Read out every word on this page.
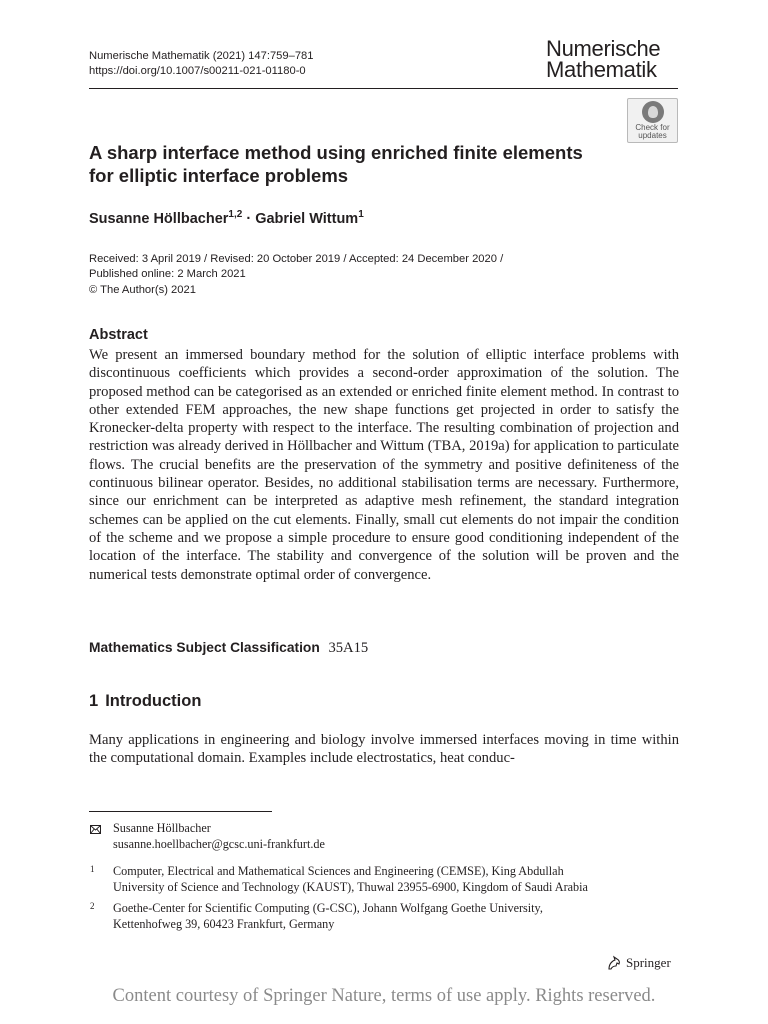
Numerische Mathematik (2021) 147:759–781
https://doi.org/10.1007/s00211-021-01180-0
Numerische
Mathematik
Check for
updates
A sharp interface method using enriched finite elements
for elliptic interface problems
Susanne Höllbacher$^{1,2}$ · Gabriel Wittum$^1$
Received: 3 April 2019 / Revised: 20 October 2019 / Accepted: 24 December 2020 /
Published online: 2 March 2021
© The Author(s) 2021
Abstract
We present an immersed boundary method for the solution of elliptic interface problems with discontinuous coefficients which provides a second-order approximation of the solution. The proposed method can be categorised as an extended or enriched finite element method. In contrast to other extended FEM approaches, the new shape functions get projected in order to satisfy the Kronecker-delta property with respect to the interface. The resulting combination of projection and restriction was already derived in Höllbacher and Wittum (TBA, 2019a) for application to particulate flows. The crucial benefits are the preservation of the symmetry and positive definiteness of the continuous bilinear operator. Besides, no additional stabilisation terms are necessary. Furthermore, since our enrichment can be interpreted as adaptive mesh refinement, the standard integration schemes can be applied on the cut elements. Finally, small cut elements do not impair the condition of the scheme and we propose a simple procedure to ensure good conditioning independent of the location of the interface. The stability and convergence of the solution will be proven and the numerical tests demonstrate optimal order of convergence.
Mathematics Subject Classification 35A15
1 Introduction
Many applications in engineering and biology involve immersed interfaces moving in time within the computational domain. Examples include electrostatics, heat conduc-
Susanne Höllbacher
susanne.hoellbacher@gcsc.uni-frankfurt.de
1 Computer, Electrical and Mathematical Sciences and Engineering (CEMSE), King Abdullah
University of Science and Technology (KAUST), Thuwal 23955-6900, Kingdom of Saudi Arabia
2 Goethe-Center for Scientific Computing (G-CSC), Johann Wolfgang Goethe University,
Kettenhofweg 39, 60423 Frankfurt, Germany
Springer
Content courtesy of Springer Nature, terms of use apply. Rights reserved.
